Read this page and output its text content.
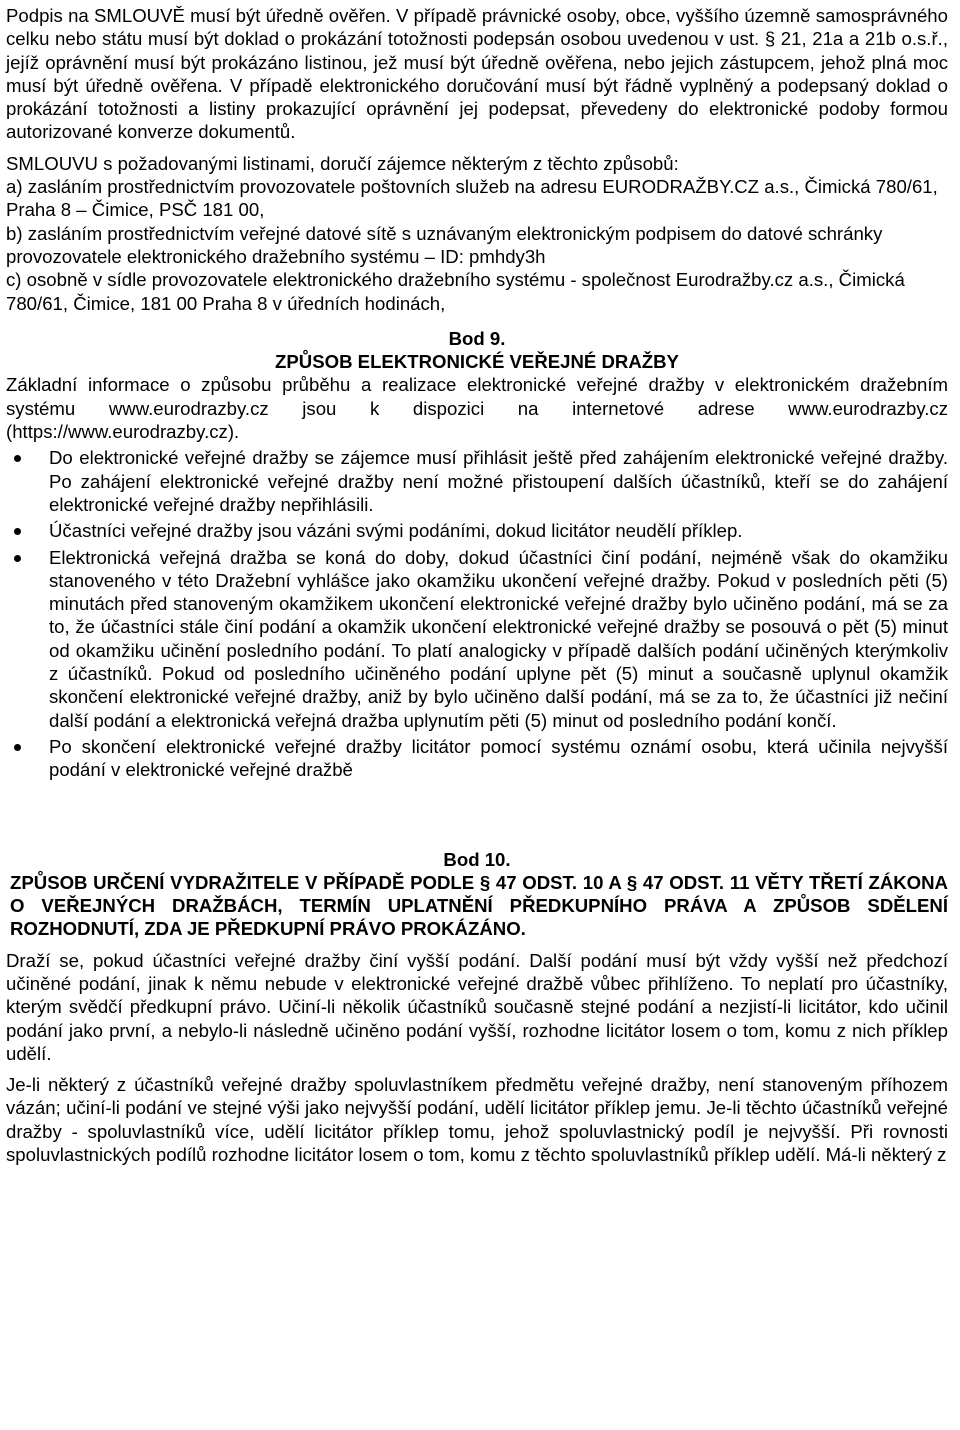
Podpis na SMLOUVĚ musí být úředně ověřen. V případě právnické osoby, obce, vyššího územně samosprávného celku nebo státu musí být doklad o prokázání totožnosti podepsán osobou uvedenou v ust. § 21, 21a a 21b o.s.ř., jejíž oprávnění musí být prokázáno listinou, jež musí být úředně ověřena, nebo jejich zástupcem, jehož plná moc musí být úředně ověřena. V případě elektronického doručování musí být řádně vyplněný a podepsaný doklad o prokázání totožnosti a listiny prokazující oprávnění jej podepsat, převedeny do elektronické podoby formou autorizované konverze dokumentů.

SMLOUVU s požadovanými listinami, doručí zájemce některým z těchto způsobů:

a) zasláním prostřednictvím provozovatele poštovních služeb na adresu EURODRAŽBY.CZ a.s., Čimická 780/61, Praha 8 – Čimice, PSČ 181 00,

b) zasláním prostřednictvím veřejné datové sítě s uznávaným elektronickým podpisem do datové schránky provozovatele elektronického dražebního systému – ID: pmhdy3h

c) osobně v sídle provozovatele elektronického dražebního systému - společnost Eurodražby.cz a.s., Čimická 780/61, Čimice, 181 00 Praha 8 v úředních hodinách,

Bod 9.

ZPŮSOB ELEKTRONICKÉ VEŘEJNÉ DRAŽBY

Základní informace o způsobu průběhu a realizace elektronické veřejné dražby v elektronickém dražebním systému www.eurodrazby.cz jsou k dispozici na internetové adrese www.eurodrazby.cz (https://www.eurodrazby.cz).

Do elektronické veřejné dražby se zájemce musí přihlásit ještě před zahájením elektronické veřejné dražby. Po zahájení elektronické veřejné dražby není možné přistoupení dalších účastníků, kteří se do zahájení elektronické veřejné dražby nepřihlásili.
Účastníci veřejné dražby jsou vázáni svými podáními, dokud licitátor neudělí příklep.
Elektronická veřejná dražba se koná do doby, dokud účastníci činí podání, nejméně však do okamžiku stanoveného v této Dražební vyhlášce jako okamžiku ukončení veřejné dražby. Pokud v posledních pěti (5) minutách před stanoveným okamžikem ukončení elektronické veřejné dražby bylo učiněno podání, má se za to, že účastníci stále činí podání a okamžik ukončení elektronické veřejné dražby se posouvá o pět (5) minut od okamžiku učinění posledního podání. To platí analogicky v případě dalších podání učiněných kterýmkoliv z účastníků. Pokud od posledního učiněného podání uplyne pět (5) minut a současně uplynul okamžik skončení elektronické veřejné dražby, aniž by bylo učiněno další podání, má se za to, že účastníci již nečiní další podání a elektronická veřejná dražba uplynutím pěti (5) minut od posledního podání končí.
Po skončení elektronické veřejné dražby licitátor pomocí systému oznámí osobu, která učinila nejvyšší podání v elektronické veřejné dražbě

Bod 10.

ZPŮSOB URČENÍ VYDRAŽITELE V PŘÍPADĚ PODLE § 47 ODST. 10 A § 47 ODST. 11 VĚTY TŘETÍ ZÁKONA O VEŘEJNÝCH DRAŽBÁCH, TERMÍN UPLATNĚNÍ PŘEDKUPNÍHO PRÁVA A ZPŮSOB SDĚLENÍ ROZHODNUTÍ, ZDA JE PŘEDKUPNÍ PRÁVO PROKÁZÁNO.

Draží se, pokud účastníci veřejné dražby činí vyšší podání. Další podání musí být vždy vyšší než předchozí učiněné podání, jinak k němu nebude v elektronické veřejné dražbě vůbec přihlíženo. To neplatí pro účastníky, kterým svědčí předkupní právo. Učiní-li několik účastníků současně stejné podání a nezjistí-li licitátor, kdo učinil podání jako první, a nebylo-li následně učiněno podání vyšší, rozhodne licitátor losem o tom, komu z nich příklep udělí.

Je-li některý z účastníků veřejné dražby spoluvlastníkem předmětu veřejné dražby, není stanoveným příhozem vázán; učiní-li podání ve stejné výši jako nejvyšší podání, udělí licitátor příklep jemu. Je-li těchto účastníků veřejné dražby - spoluvlastníků více, udělí licitátor příklep tomu, jehož spoluvlastnický podíl je nejvyšší. Při rovnosti spoluvlastnických podílů rozhodne licitátor losem o tom, komu z těchto spoluvlastníků příklep udělí. Má-li některý z
